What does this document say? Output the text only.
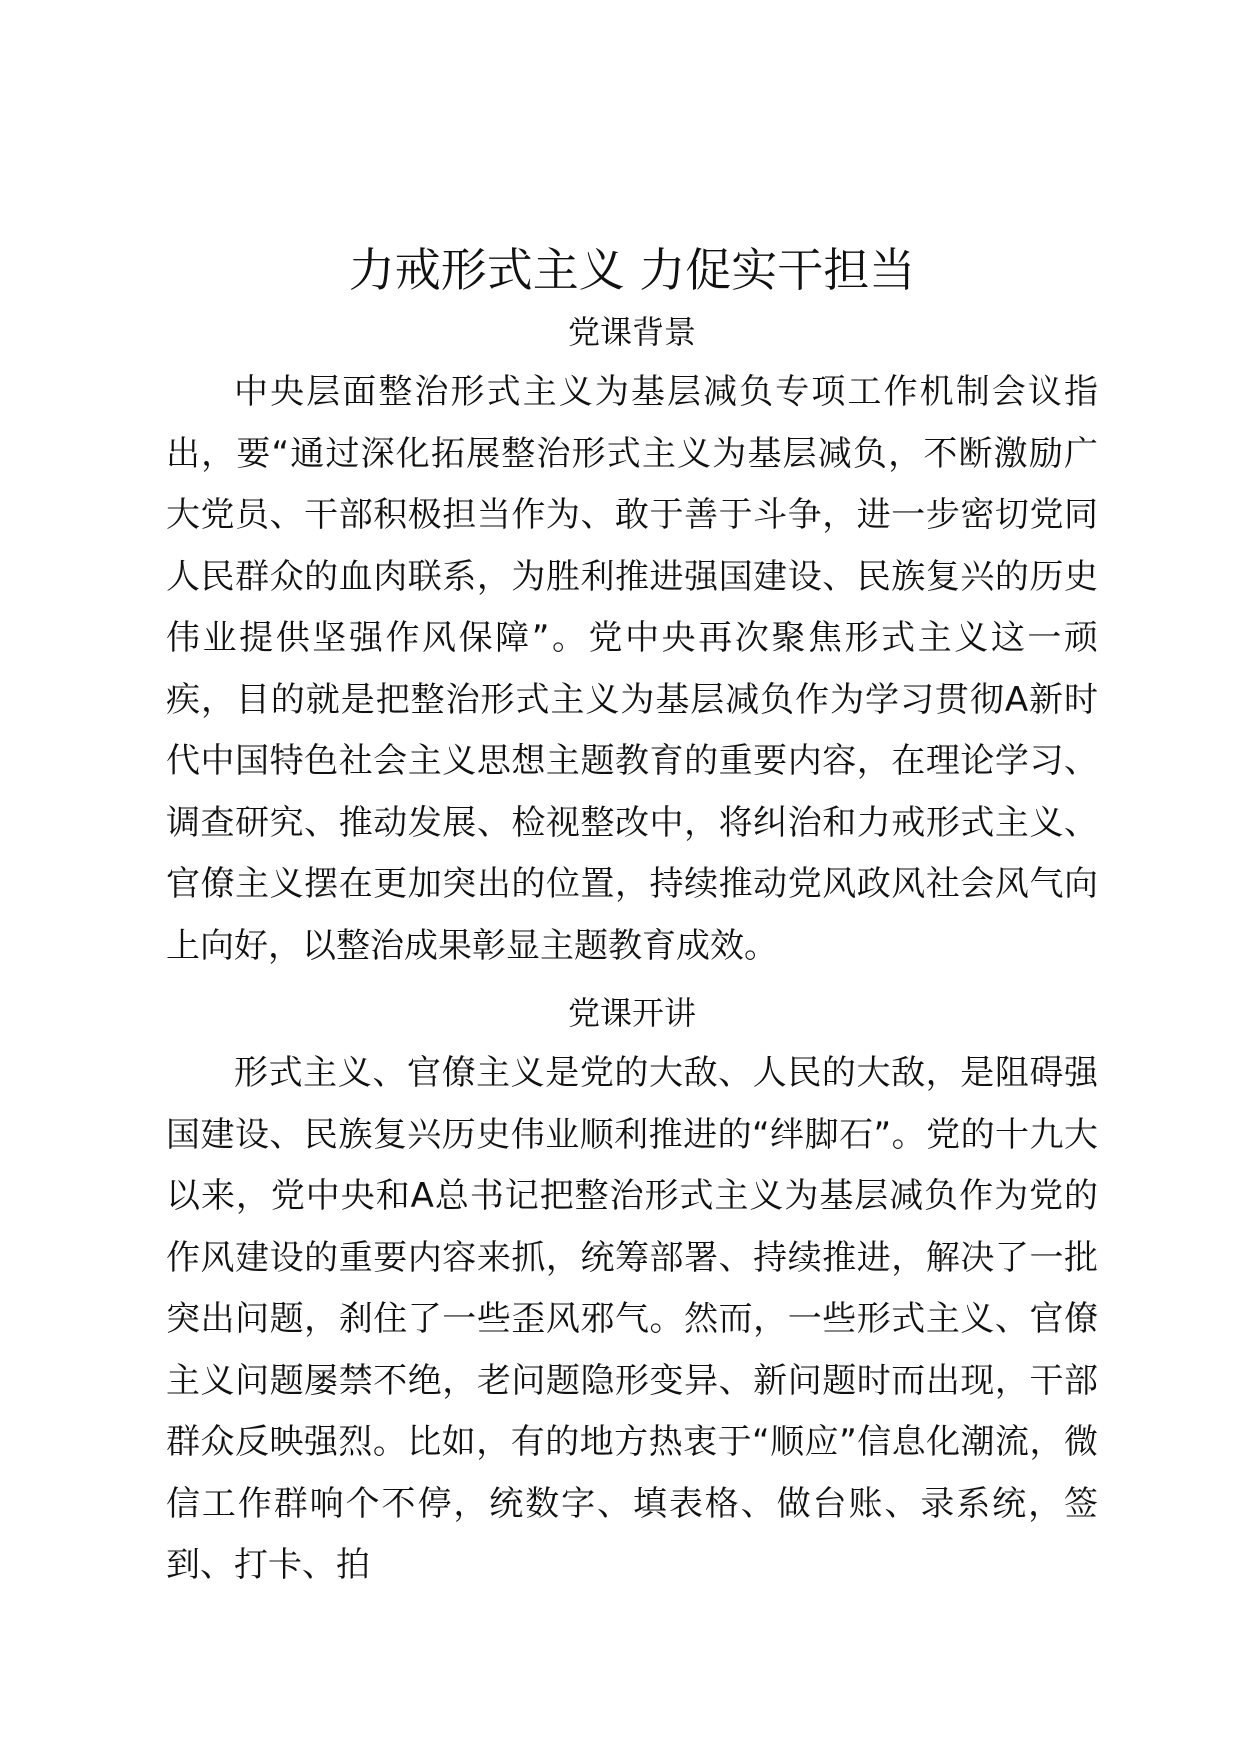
力戒形式主义 力促实干担当
党课背景

中央层面整治形式主义为基层减负专项工作机制会议指出，要“通过深化拓展整治形式主义为基层减负，不断激励广大党员、干部积极担当作为、敢于善于斗争，进一步密切党同人民群众的血肉联系，为胜利推进强国建设、民族复兴的历史伟业提供坚强作风保障”。党中央再次聚焦形式主义这一顽疾，目的就是把整治形式主义为基层减负作为学习贯彻A新时代中国特色社会主义思想主题教育的重要内容，在理论学习、调查研究、推动发展、检视整改中，将纠治和力戒形式主义、官僚主义摆在更加突出的位置，持续推动党风政风社会风气向上向好，以整治成果彰显主题教育成效。

党课开讲

形式主义、官僚主义是党的大敌、人民的大敌，是阻碍强国建设、民族复兴历史伟业顺利推进的“绊脚石”。党的十九大以来，党中央和A总书记把整治形式主义为基层减负作为党的作风建设的重要内容来抓，统筹部署、持续推进，解决了一批突出问题，刹住了一些歪风邪气。然而，一些形式主义、官僚主义问题屡禁不绝，老问题隐形变异、新问题时而出现，干部群众反映强烈。比如，有的地方热衷于“顺应”信息化潮流，微信工作群响个不停，统数字、填表格、做台账、录系统，签到、打卡、拍
